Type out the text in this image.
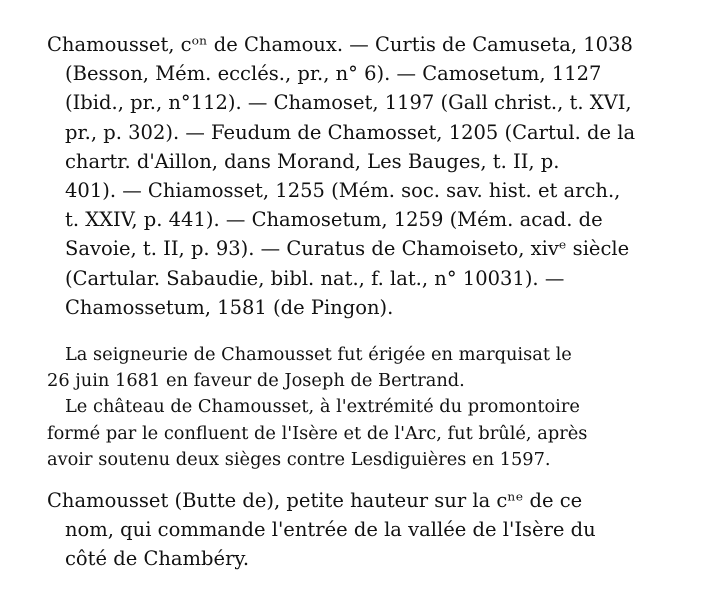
Chamousset, cᵒⁿ de Chamoux. — Curtis de Camuseta, 1038
(Besson, Mém. ecclés., pr., n° 6). — Camosetum, 1127
(Ibid., pr., n°112). — Chamoset, 1197 (Gall christ., t. XVI,
pr., p. 302). — Feudum de Chamosset, 1205 (Cartul. de la
chartr. d'Aillon, dans Morand, Les Bauges, t. II, p.
401). — Chiamosset, 1255 (Mém. soc. sav. hist. et arch.,
t. XXIV, p. 441). — Chamosetum, 1259 (Mém. acad. de
Savoie, t. II, p. 93). — Curatus de Chamoiseto, xivᵉ siècle
(Cartular. Sabaudie, bibl. nat., f. lat., n° 10031). —
Chamossetum, 1581 (de Pingon).
La seigneurie de Chamousset fut érigée en marquisat le
26 juin 1681 en faveur de Joseph de Bertrand.
Le château de Chamousset, à l'extrémité du promontoire
formé par le confluent de l'Isère et de l'Arc, fut brûlé, après
avoir soutenu deux sièges contre Lesdiguières en 1597.
Chamousset (Butte de), petite hauteur sur la cⁿᵉ de ce
nom, qui commande l'entrée de la vallée de l'Isère du
côté de Chambéry.
